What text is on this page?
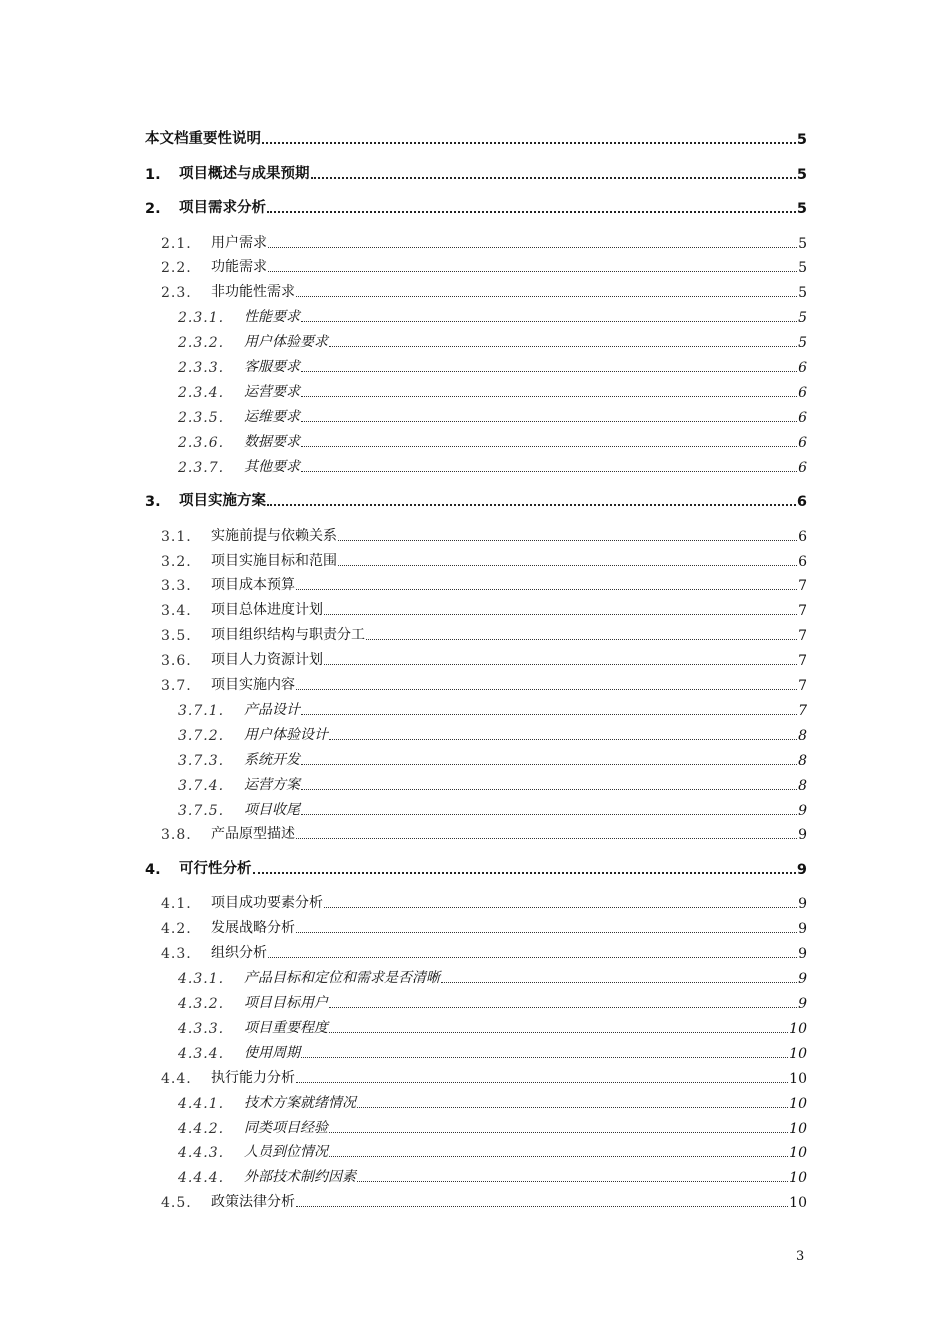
本文档重要性说明	5
1.	项目概述与成果预期	5
2.	项目需求分析	5
2.1.	用户需求	5
2.2.	功能需求	5
2.3.	非功能性需求	5
2.3.1.	性能要求	5
2.3.2.	用户体验要求	5
2.3.3.	客服要求	6
2.3.4.	运营要求	6
2.3.5.	运维要求	6
2.3.6.	数据要求	6
2.3.7.	其他要求	6
3.	项目实施方案	6
3.1.	实施前提与依赖关系	6
3.2.	项目实施目标和范围	6
3.3.	项目成本预算	7
3.4.	项目总体进度计划	7
3.5.	项目组织结构与职责分工	7
3.6.	项目人力资源计划	7
3.7.	项目实施内容	7
3.7.1.	产品设计	7
3.7.2.	用户体验设计	8
3.7.3.	系统开发	8
3.7.4.	运营方案	8
3.7.5.	项目收尾	9
3.8.	产品原型描述	9
4.	可行性分析	9
4.1.	项目成功要素分析	9
4.2.	发展战略分析	9
4.3.	组织分析	9
4.3.1.	产品目标和定位和需求是否清晰	9
4.3.2.	项目目标用户	9
4.3.3.	项目重要程度	10
4.3.4.	使用周期	10
4.4.	执行能力分析	10
4.4.1.	技术方案就绪情况	10
4.4.2.	同类项目经验	10
4.4.3.	人员到位情况	10
4.4.4.	外部技术制约因素	10
4.5.	政策法律分析	10
3
